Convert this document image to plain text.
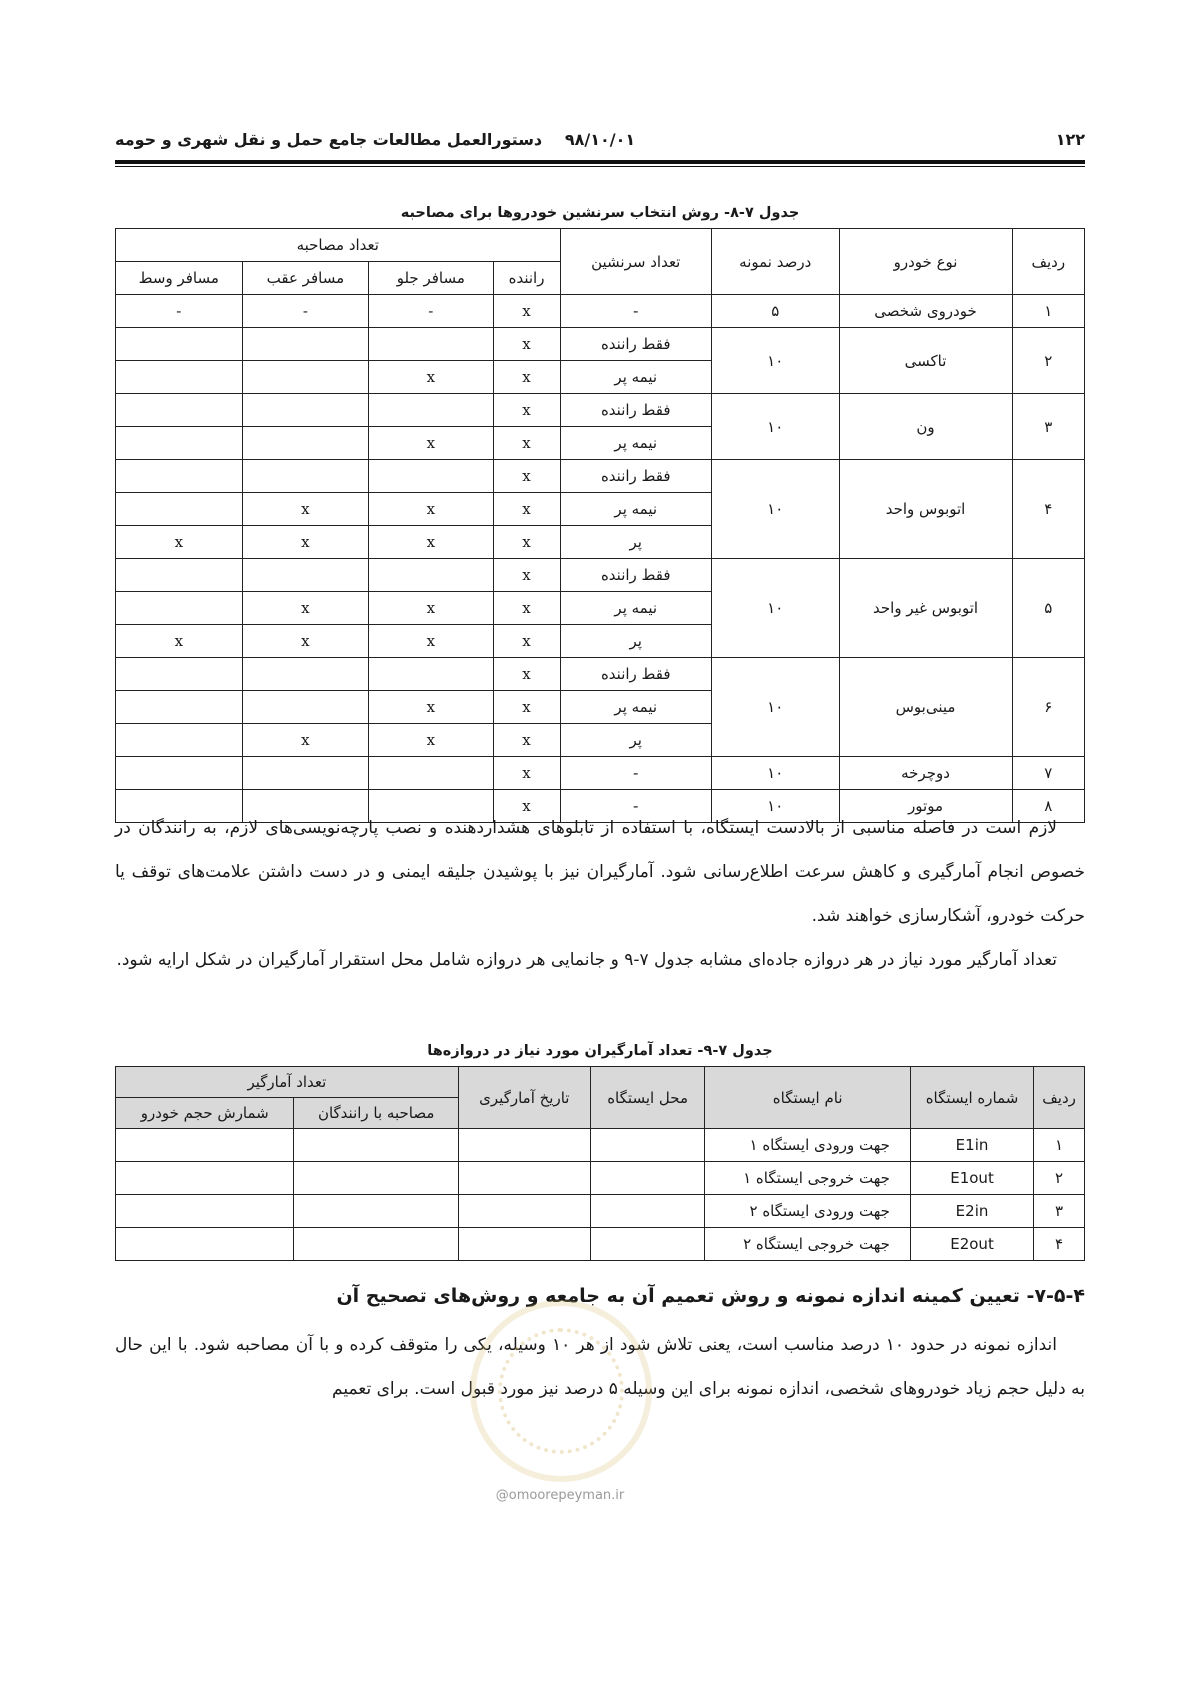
۱۲۲
۹۸/۱۰/۰۱
دستورالعمل مطالعات جامع حمل و نقل شهری و حومه
جدول ۷-۸- روش انتخاب سرنشین خودروها برای مصاحبه
ردیف	نوع خودرو	درصد نمونه	تعداد سرنشین	تعداد مصاحبه			
				راننده	مسافر جلو	مسافر عقب	مسافر وسط
۱	خودروی شخصی	۵	-	x	-	-	-
۲	تاکسی	۱۰	فقط راننده	x			
			نیمه پر	x	x		
۳	ون	۱۰	فقط راننده	x			
			نیمه پر	x	x		
۴	اتوبوس واحد	۱۰	فقط راننده	x			
			نیمه پر	x	x	x	
			پر	x	x	x	x
۵	اتوبوس غیر واحد	۱۰	فقط راننده	x			
			نیمه پر	x	x	x	
			پر	x	x	x	x
۶	مینی‌بوس	۱۰	فقط راننده	x			
			نیمه پر	x	x		
			پر	x	x	x	
۷	دوچرخه	۱۰	-	x			
۸	موتور	۱۰	-	x			

لازم است در فاصله مناسبی از بالادست ایستگاه، با استفاده از تابلوهای هشداردهنده و نصب پارچه‌نویسی‌های لازم، به رانندگان در خصوص انجام آمارگیری و کاهش سرعت اطلاع‌رسانی شود. آمارگیران نیز با پوشیدن جلیقه ایمنی و در دست داشتن علامت‌های توقف یا حرکت خودرو، آشکارسازی خواهند شد.

تعداد آمارگیر مورد نیاز در هر دروازه جاده‌ای مشابه جدول ۷-۹ و جانمایی هر دروازه شامل محل استقرار آمارگیران در شکل ارایه شود.

جدول ۷-۹- تعداد آمارگیران مورد نیاز در دروازه‌ها
ردیف	شماره ایستگاه	نام ایستگاه	محل ایستگاه	تاریخ آمارگیری	تعداد آمارگیر	
					مصاحبه با رانندگان	شمارش حجم خودرو
۱	E1in	جهت ورودی ایستگاه ۱				
۲	E1out	جهت خروجی ایستگاه ۱				
۳	E2in	جهت ورودی ایستگاه ۲				
۴	E2out	جهت خروجی ایستگاه ۲				
۷-۵-۴- تعیین کمینه اندازه نمونه و روش تعمیم آن به جامعه و روش‌های تصحیح آن

اندازه نمونه در حدود ۱۰ درصد مناسب است، یعنی تلاش شود از هر ۱۰ وسیله، یکی را متوقف کرده و با آن مصاحبه شود. با این حال به دلیل حجم زیاد خودروهای شخصی، اندازه نمونه برای این وسیله ۵ درصد نیز مورد قبول است. برای تعمیم

@omoorepeyman.ir
